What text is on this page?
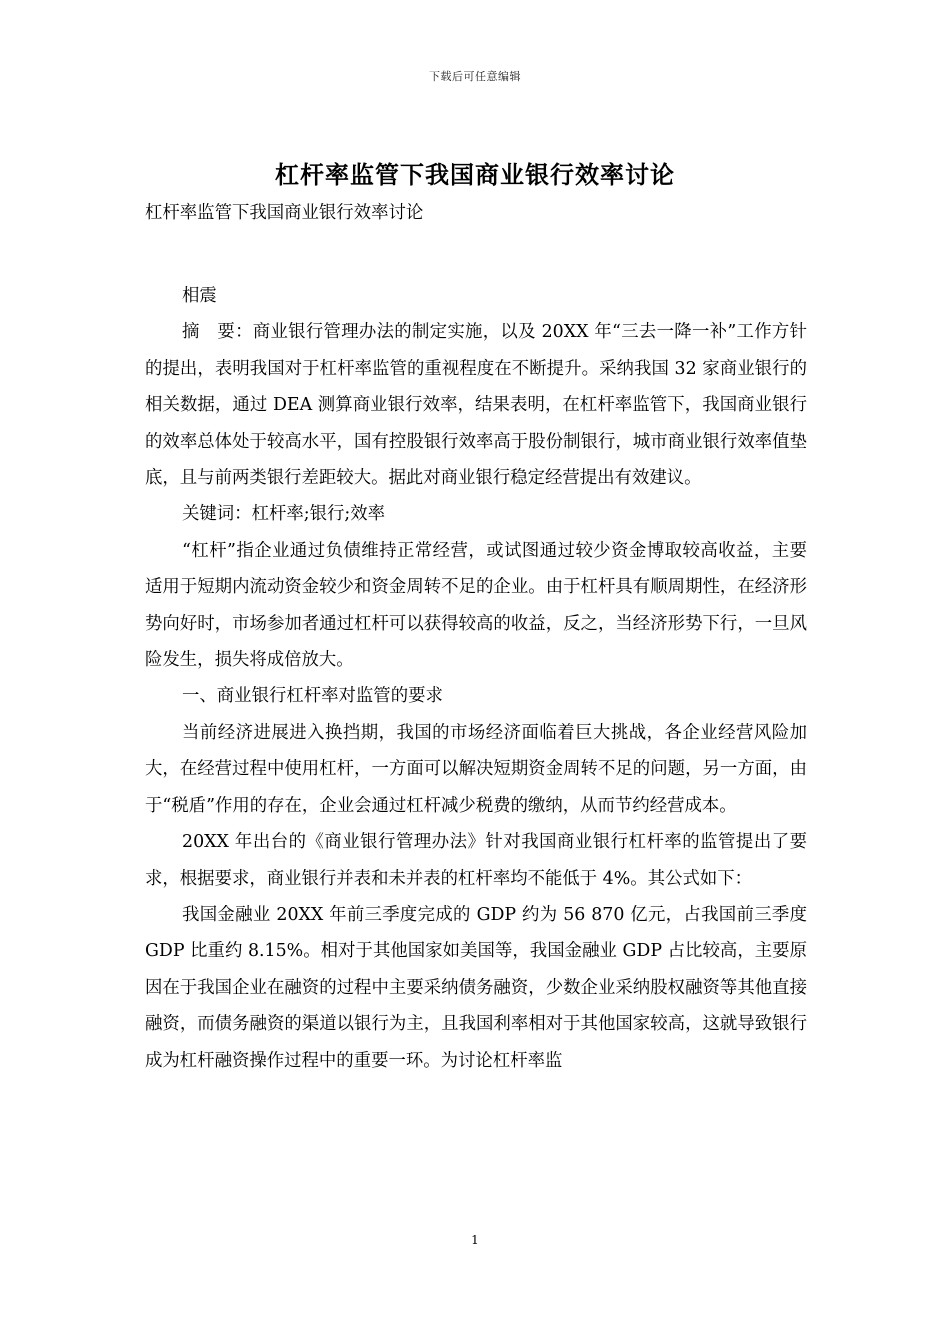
下载后可任意编辑
杠杆率监管下我国商业银行效率讨论

杠杆率监管下我国商业银行效率讨论

相震

摘　要：商业银行管理办法的制定实施，以及 20XX 年“三去一降一补”工作方针的提出，表明我国对于杠杆率监管的重视程度在不断提升。采纳我国 32 家商业银行的相关数据，通过 DEA 测算商业银行效率，结果表明，在杠杆率监管下，我国商业银行的效率总体处于较高水平，国有控股银行效率高于股份制银行，城市商业银行效率值垫底，且与前两类银行差距较大。据此对商业银行稳定经营提出有效建议。

关键词：杠杆率;银行;效率

“杠杆”指企业通过负债维持正常经营，或试图通过较少资金博取较高收益，主要适用于短期内流动资金较少和资金周转不足的企业。由于杠杆具有顺周期性，在经济形势向好时，市场参加者通过杠杆可以获得较高的收益，反之，当经济形势下行，一旦风险发生，损失将成倍放大。

一、商业银行杠杆率对监管的要求

当前经济进展进入换挡期，我国的市场经济面临着巨大挑战，各企业经营风险加大，在经营过程中使用杠杆，一方面可以解决短期资金周转不足的问题，另一方面，由于“税盾”作用的存在，企业会通过杠杆减少税费的缴纳，从而节约经营成本。

20XX 年出台的《商业银行管理办法》针对我国商业银行杠杆率的监管提出了要求，根据要求，商业银行并表和未并表的杠杆率均不能低于 4%。其公式如下：

我国金融业 20XX 年前三季度完成的 GDP 约为 56 870 亿元，占我国前三季度 GDP 比重约 8.15%。相对于其他国家如美国等，我国金融业 GDP 占比较高，主要原因在于我国企业在融资的过程中主要采纳债务融资，少数企业采纳股权融资等其他直接融资，而债务融资的渠道以银行为主，且我国利率相对于其他国家较高，这就导致银行成为杠杆融资操作过程中的重要一环。为讨论杠杆率监

1
